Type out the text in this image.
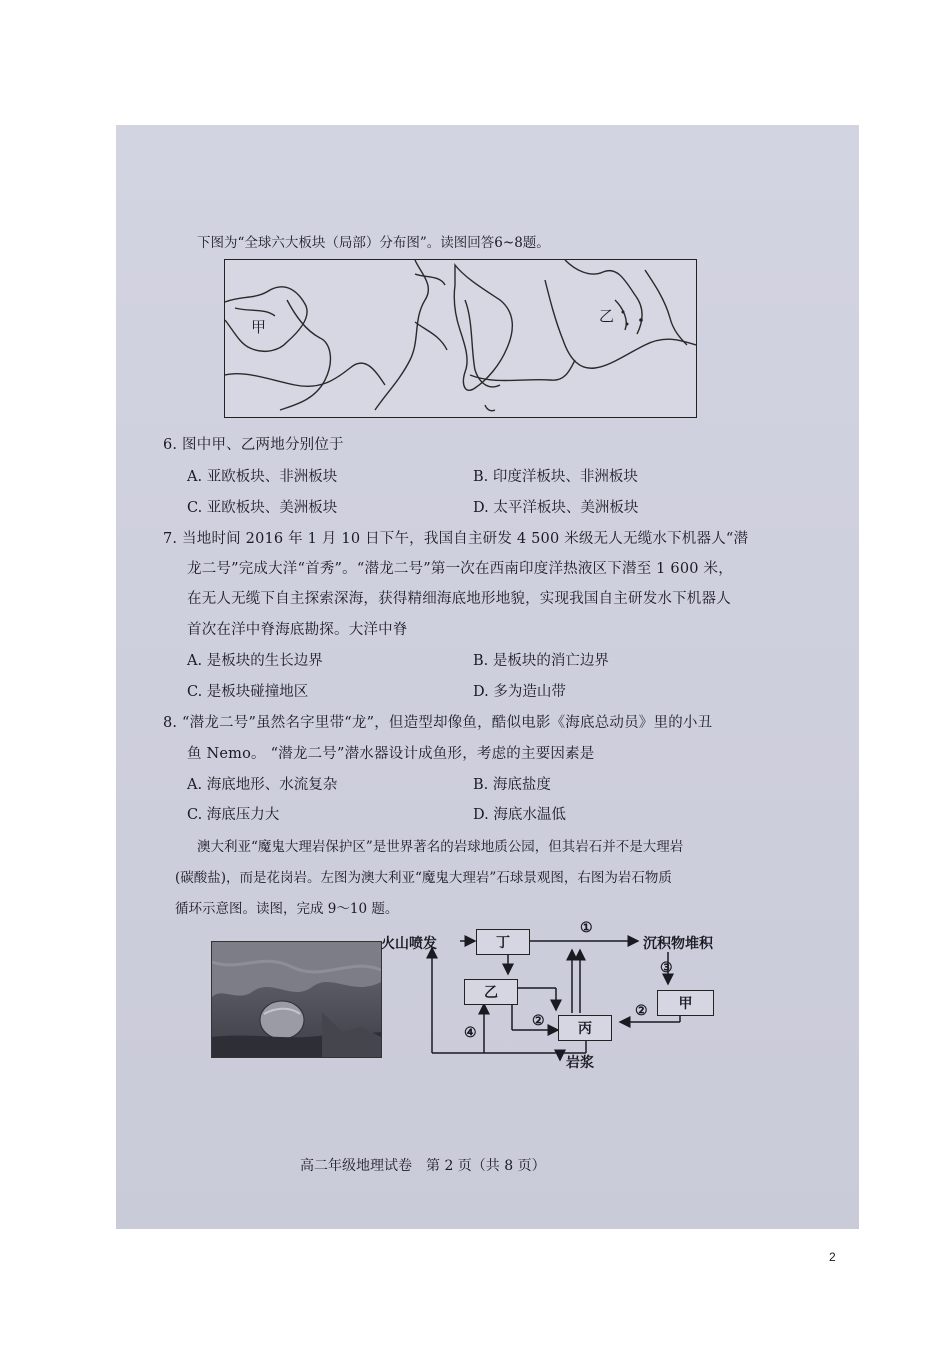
下图为“全球六大板块（局部）分布图”。读图回答6~8题。
甲
乙
6. 图中甲、乙两地分别位于
A. 亚欧板块、非洲板块	B. 印度洋板块、非洲板块
C. 亚欧板块、美洲板块	D. 太平洋板块、美洲板块
7. 当地时间 2016 年 1 月 10 日下午，我国自主研发 4 500 米级无人无缆水下机器人“潜
龙二号”完成大洋“首秀”。“潜龙二号”第一次在西南印度洋热液区下潜至 1 600 米，
在无人无缆下自主探索深海，获得精细海底地形地貌，实现我国自主研发水下机器人
首次在洋中脊海底勘探。大洋中脊
A. 是板块的生长边界	B. 是板块的消亡边界
C. 是板块碰撞地区	D. 多为造山带
8. “潜龙二号”虽然名字里带“龙”，但造型却像鱼，酷似电影《海底总动员》里的小丑
鱼 Nemo。 “潜龙二号”潜水器设计成鱼形，考虑的主要因素是
A. 海底地形、水流复杂	B. 海底盐度
C. 海底压力大	D. 海底水温低
澳大利亚“魔鬼大理岩保护区”是世界著名的岩球地质公园，但其岩石并不是大理岩
(碳酸盐)，而是花岗岩。左图为澳大利亚“魔鬼大理岩”石球景观图，右图为岩石物质
循环示意图。读图，完成 9～10 题。
火山喷发	丁
①
沉积物堆积
③
乙
甲
②	丙
②
④
岩浆
高二年级地理试卷　第 2 页（共 8 页）
2
